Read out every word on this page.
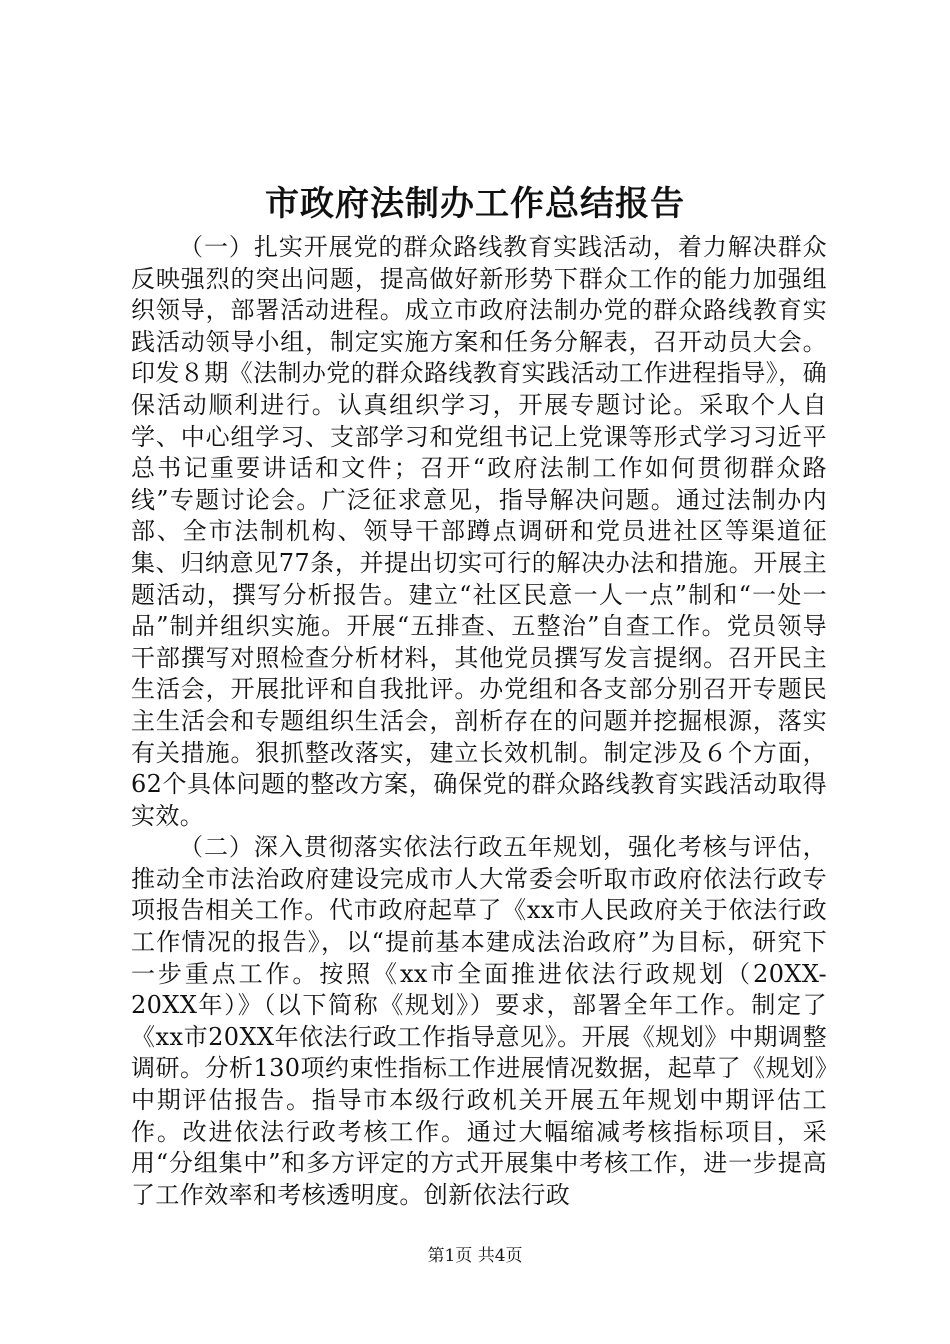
市政府法制办工作总结报告

（一）扎实开展党的群众路线教育实践活动，着力解决群众反映强烈的突出问题，提高做好新形势下群众工作的能力加强组织领导，部署活动进程。成立市政府法制办党的群众路线教育实践活动领导小组，制定实施方案和任务分解表，召开动员大会。印发８期《法制办党的群众路线教育实践活动工作进程指导》，确保活动顺利进行。认真组织学习，开展专题讨论。采取个人自学、中心组学习、支部学习和党组书记上党课等形式学习习近平总书记重要讲话和文件；召开“政府法制工作如何贯彻群众路线”专题讨论会。广泛征求意见，指导解决问题。通过法制办内部、全市法制机构、领导干部蹲点调研和党员进社区等渠道征集、归纳意见77条，并提出切实可行的解决办法和措施。开展主题活动，撰写分析报告。建立“社区民意一人一点”制和“一处一品”制并组织实施。开展“五排查、五整治”自查工作。党员领导干部撰写对照检查分析材料，其他党员撰写发言提纲。召开民主生活会，开展批评和自我批评。办党组和各支部分别召开专题民主生活会和专题组织生活会，剖析存在的问题并挖掘根源，落实有关措施。狠抓整改落实，建立长效机制。制定涉及６个方面，62个具体问题的整改方案，确保党的群众路线教育实践活动取得实效。

（二）深入贯彻落实依法行政五年规划，强化考核与评估，推动全市法治政府建设完成市人大常委会听取市政府依法行政专项报告相关工作。代市政府起草了《xx市人民政府关于依法行政工作情况的报告》，以“提前基本建成法治政府”为目标，研究下一步重点工作。按照《xx市全面推进依法行政规划（20XX-20XX年）》（以下简称《规划》）要求，部署全年工作。制定了《xx市20XX年依法行政工作指导意见》。开展《规划》中期调整调研。分析130项约束性指标工作进展情况数据，起草了《规划》中期评估报告。指导市本级行政机关开展五年规划中期评估工作。改进依法行政考核工作。通过大幅缩减考核指标项目，采用“分组集中”和多方评定的方式开展集中考核工作，进一步提高了工作效率和考核透明度。创新依法行政

第1页 共4页
